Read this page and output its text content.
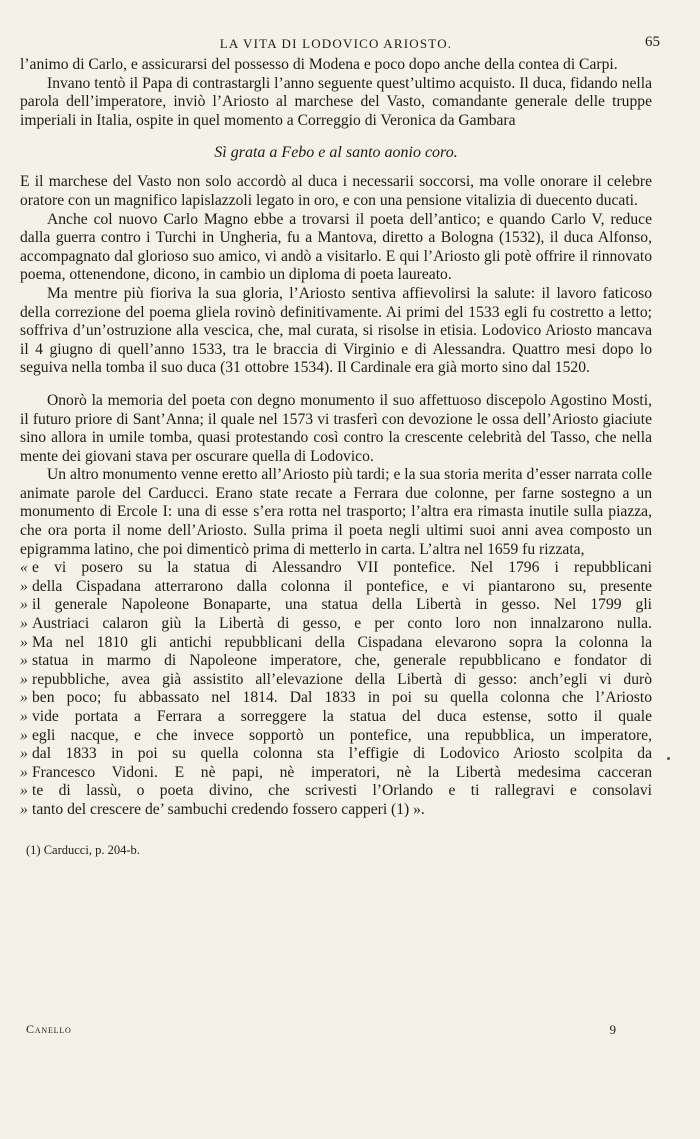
LA VITA DI LODOVICO ARIOSTO.	65

l’animo di Carlo, e assicurarsi del possesso di Modena e poco dopo anche della contea di Carpi.

Invano tentò il Papa di contrastargli l’anno seguente quest’ultimo acquisto. Il duca, fidando nella parola dell’imperatore, inviò l’Ariosto al marchese del Vasto, comandante generale delle truppe imperiali in Italia, ospite in quel momento a Correggio di Veronica da Gambara

Sì grata a Febo e al santo aonio coro.

E il marchese del Vasto non solo accordò al duca i necessarii soccorsi, ma volle onorare il celebre oratore con un magnifico lapislazzoli legato in oro, e con una pensione vitalizia di duecento ducati.

Anche col nuovo Carlo Magno ebbe a trovarsi il poeta dell’antico; e quando Carlo V, reduce dalla guerra contro i Turchi in Ungheria, fu a Mantova, diretto a Bologna (1532), il duca Alfonso, accompagnato dal glorioso suo amico, vi andò a visitarlo. E qui l’Ariosto gli potè offrire il rinnovato poema, ottenendone, dicono, in cambio un diploma di poeta laureato.

Ma mentre più fioriva la sua gloria, l’Ariosto sentiva affievolirsi la salute: il lavoro faticoso della correzione del poema gliela rovinò definitivamente. Ai primi del 1533 egli fu costretto a letto; soffriva d’un’ostruzione alla vescica, che, mal curata, si risolse in etisia. Lodovico Ariosto mancava il 4 giugno di quell’anno 1533, tra le braccia di Virginio e di Alessandra. Quattro mesi dopo lo seguiva nella tomba il suo duca (31 ottobre 1534). Il Cardinale era già morto sino dal 1520.

Onorò la memoria del poeta con degno monumento il suo affettuoso discepolo Agostino Mosti, il futuro priore di Sant’Anna; il quale nel 1573 vi trasferì con devozione le ossa dell’Ariosto giaciute sino allora in umile tomba, quasi protestando così contro la crescente celebrità del Tasso, che nella mente dei giovani stava per oscurare quella di Lodovico.

Un altro monumento venne eretto all’Ariosto più tardi; e la sua storia merita d’esser narrata colle animate parole del Carducci. Erano state recate a Ferrara due colonne, per farne sostegno a un monumento di Ercole I: una di esse s’era rotta nel trasporto; l’altra era rimasta inutile sulla piazza, che ora porta il nome dell’Ariosto. Sulla prima il poeta negli ultimi suoi anni avea composto un epigramma latino, che poi dimenticò prima di metterlo in carta. L’altra nel 1659 fu rizzata,

« e vi posero su la statua di Alessandro VII pontefice. Nel 1796 i repubblicani
» della Cispadana atterrarono dalla colonna il pontefice, e vi piantarono su, presente
» il generale Napoleone Bonaparte, una statua della Libertà in gesso. Nel 1799 gli
» Austriaci calaron giù la Libertà di gesso, e per conto loro non innalzarono nulla.
» Ma nel 1810 gli antichi repubblicani della Cispadana elevarono sopra la colonna la
» statua in marmo di Napoleone imperatore, che, generale repubblicano e fondator di
» repubbliche, avea già assistito all’elevazione della Libertà di gesso: anch’egli vi durò
» ben poco; fu abbassato nel 1814. Dal 1833 in poi su quella colonna che l’Ariosto
» vide portata a Ferrara a sorreggere la statua del duca estense, sotto il quale
» egli nacque, e che invece sopportò un pontefice, una repubblica, un imperatore,
» dal 1833 in poi su quella colonna sta l’effigie di Lodovico Ariosto scolpita da
» Francesco Vidoni. E nè papi, nè imperatori, nè la Libertà medesima cacceran
» te di lassù, o poeta divino, che scrivesti l’Orlando e ti rallegravi e consolavi
» tanto del crescere de’ sambuchi credendo fossero capperi (1) ».
(1) Carducci, p. 204-b.
Canello	9
